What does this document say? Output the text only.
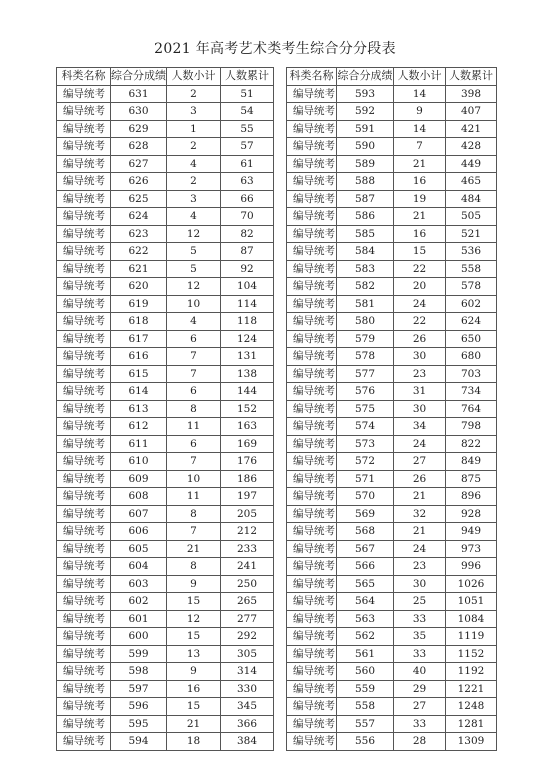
2021 年高考艺术类考生综合分分段表
科类名称	综合分成绩	人数小计	人数累计
编导统考	631	2	51
编导统考	630	3	54
编导统考	629	1	55
编导统考	628	2	57
编导统考	627	4	61
编导统考	626	2	63
编导统考	625	3	66
编导统考	624	4	70
编导统考	623	12	82
编导统考	622	5	87
编导统考	621	5	92
编导统考	620	12	104
编导统考	619	10	114
编导统考	618	4	118
编导统考	617	6	124
编导统考	616	7	131
编导统考	615	7	138
编导统考	614	6	144
编导统考	613	8	152
编导统考	612	11	163
编导统考	611	6	169
编导统考	610	7	176
编导统考	609	10	186
编导统考	608	11	197
编导统考	607	8	205
编导统考	606	7	212
编导统考	605	21	233
编导统考	604	8	241
编导统考	603	9	250
编导统考	602	15	265
编导统考	601	12	277
编导统考	600	15	292
编导统考	599	13	305
编导统考	598	9	314
编导统考	597	16	330
编导统考	596	15	345
编导统考	595	21	366
编导统考	594	18	384
科类名称	综合分成绩	人数小计	人数累计
编导统考	593	14	398
编导统考	592	9	407
编导统考	591	14	421
编导统考	590	7	428
编导统考	589	21	449
编导统考	588	16	465
编导统考	587	19	484
编导统考	586	21	505
编导统考	585	16	521
编导统考	584	15	536
编导统考	583	22	558
编导统考	582	20	578
编导统考	581	24	602
编导统考	580	22	624
编导统考	579	26	650
编导统考	578	30	680
编导统考	577	23	703
编导统考	576	31	734
编导统考	575	30	764
编导统考	574	34	798
编导统考	573	24	822
编导统考	572	27	849
编导统考	571	26	875
编导统考	570	21	896
编导统考	569	32	928
编导统考	568	21	949
编导统考	567	24	973
编导统考	566	23	996
编导统考	565	30	1026
编导统考	564	25	1051
编导统考	563	33	1084
编导统考	562	35	1119
编导统考	561	33	1152
编导统考	560	40	1192
编导统考	559	29	1221
编导统考	558	27	1248
编导统考	557	33	1281
编导统考	556	28	1309
